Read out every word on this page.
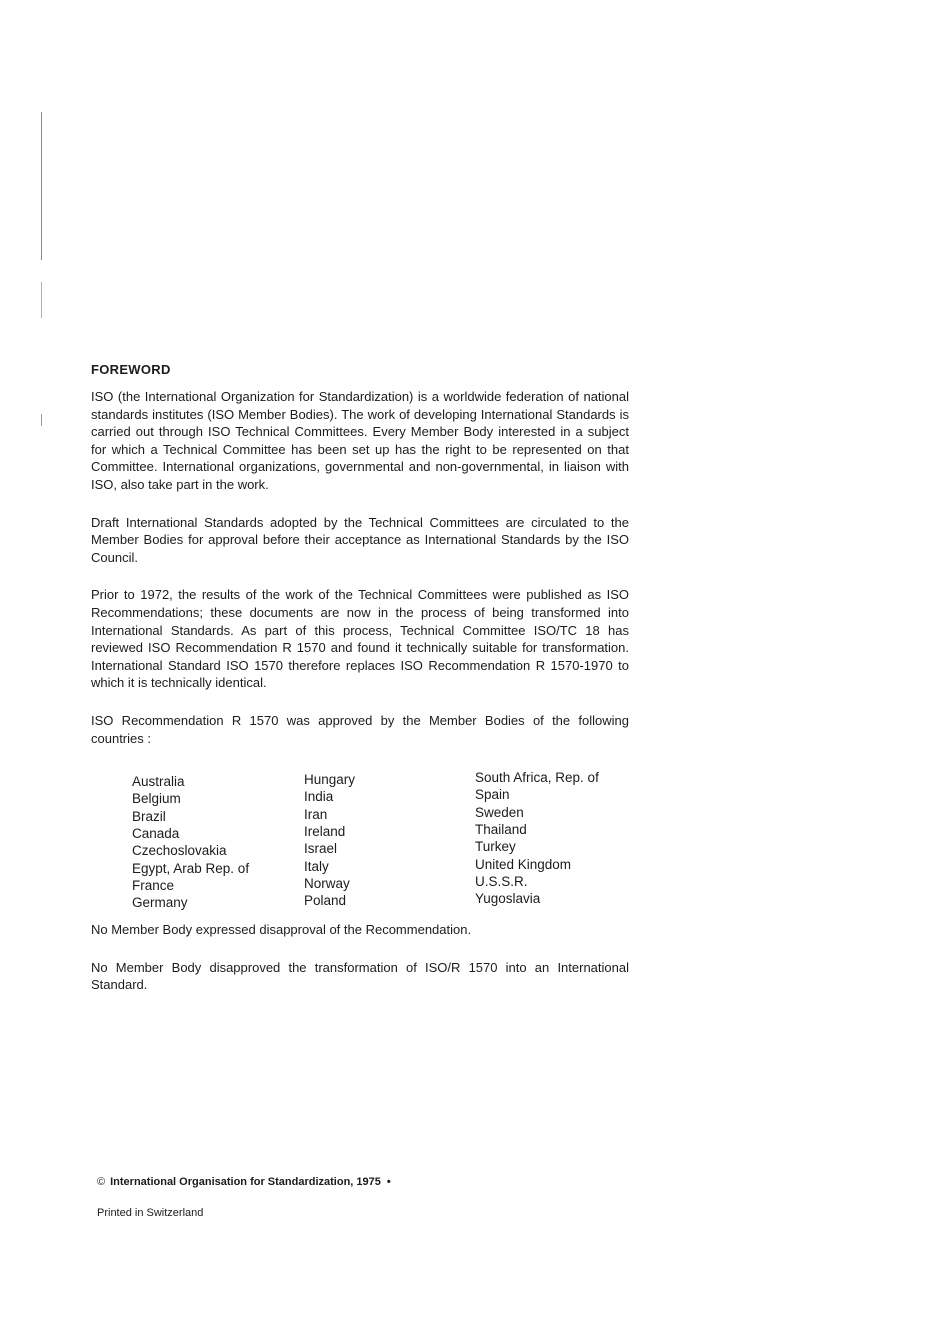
FOREWORD

ISO (the International Organization for Standardization) is a worldwide federation of national standards institutes (ISO Member Bodies). The work of developing International Standards is carried out through ISO Technical Committees. Every Member Body interested in a subject for which a Technical Committee has been set up has the right to be represented on that Committee. International organizations, governmental and non-governmental, in liaison with ISO, also take part in the work.

Draft International Standards adopted by the Technical Committees are circulated to the Member Bodies for approval before their acceptance as International Standards by the ISO Council.

Prior to 1972, the results of the work of the Technical Committees were published as ISO Recommendations; these documents are now in the process of being transformed into International Standards. As part of this process, Technical Committee ISO/TC 18 has reviewed ISO Recommendation R 1570 and found it technically suitable for transformation. International Standard ISO 1570 therefore replaces ISO Recommendation R 1570-1970 to which it is technically identical.

ISO Recommendation R 1570 was approved by the Member Bodies of the following countries :

Australia
Belgium
Brazil
Canada
Czechoslovakia
Egypt, Arab Rep. of
France
Germany
Hungary
India
Iran
Ireland
Israel
Italy
Norway
Poland
South Africa, Rep. of
Spain
Sweden
Thailand
Turkey
United Kingdom
U.S.S.R.
Yugoslavia

No Member Body expressed disapproval of the Recommendation.

No Member Body disapproved the transformation of ISO/R 1570 into an International Standard.

© International Organisation for Standardization, 1975 •
Printed in Switzerland
